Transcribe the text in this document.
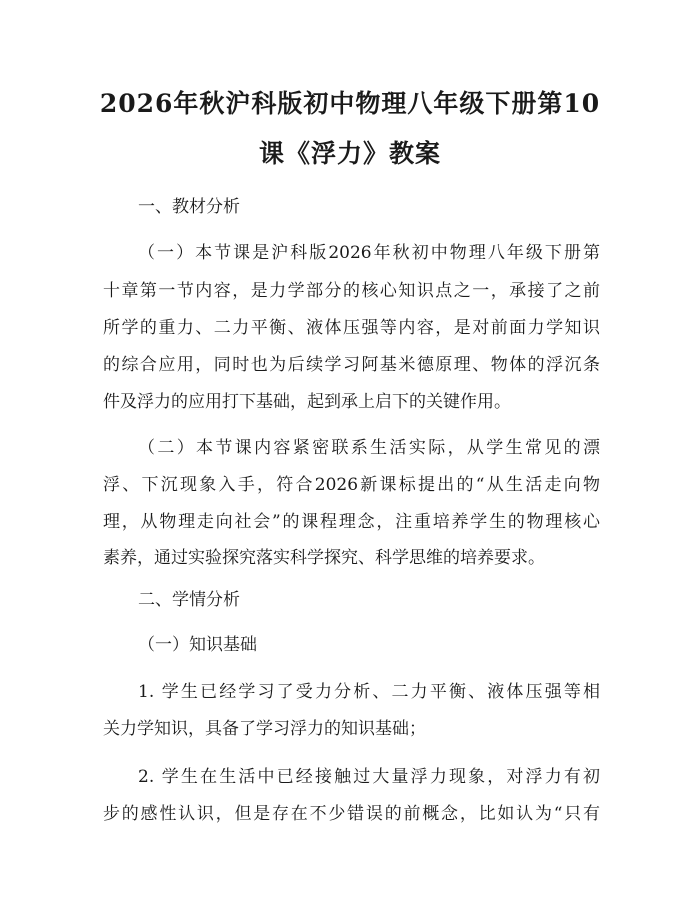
2026年秋沪科版初中物理八年级下册第10
课《浮力》教案
一、教材分析
（一）本节课是沪科版2026年秋初中物理八年级下册第
十章第一节内容，是力学部分的核心知识点之一，承接了之前
所学的重力、二力平衡、液体压强等内容，是对前面力学知识
的综合应用，同时也为后续学习阿基米德原理、物体的浮沉条
件及浮力的应用打下基础，起到承上启下的关键作用。
（二）本节课内容紧密联系生活实际，从学生常见的漂
浮、下沉现象入手，符合2026新课标提出的“从生活走向物
理，从物理走向社会”的课程理念，注重培养学生的物理核心
素养，通过实验探究落实科学探究、科学思维的培养要求。
二、学情分析
（一）知识基础
1. 学生已经学习了受力分析、二力平衡、液体压强等相
关力学知识，具备了学习浮力的知识基础；
2. 学生在生活中已经接触过大量浮力现象，对浮力有初
步的感性认识，但是存在不少错误的前概念，比如认为“只有
